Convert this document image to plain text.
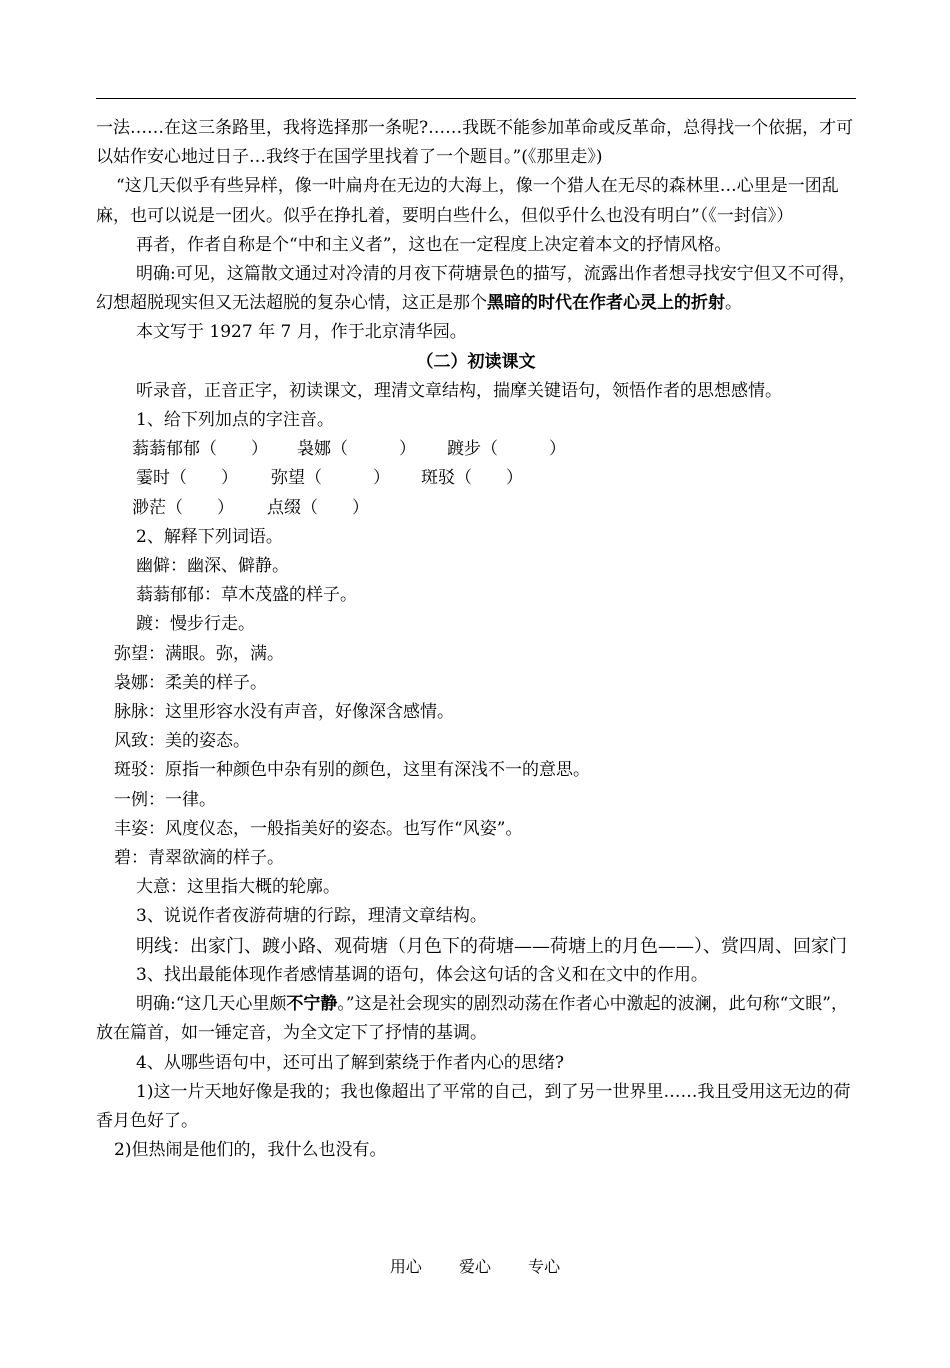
一法……在这三条路里，我将选择那一条呢?……我既不能参加革命或反革命，总得找一个依据，才可以姑作安心地过日子…我终于在国学里找着了一个题目。”(《那里走》)

“这几天似乎有些异样，像一叶扁舟在无边的大海上，像一个猎人在无尽的森林里…心里是一团乱麻，也可以说是一团火。似乎在挣扎着，要明白些什么，但似乎什么也没有明白”（《一封信》）

再者，作者自称是个“中和主义者”，这也在一定程度上决定着本文的抒情风格。

明确:可见，这篇散文通过对冷清的月夜下荷塘景色的描写，流露出作者想寻找安宁但又不可得，幻想超脱现实但又无法超脱的复杂心情，这正是那个黑暗的时代在作者心灵上的折射。

本文写于 1927 年 7 月，作于北京清华园。

（二）初读课文

听录音，正音正字，初读课文，理清文章结构，揣摩关键语句，领悟作者的思想感情。

1、给下列加点的字注音。

蓊蓊郁郁（　　）	袅娜（　　　）	踱步（　　　）
霎时（　　）	弥望（　　　）	斑驳（　　）
渺茫（　　）	点缀（　　）

2、解释下列词语。

幽僻：幽深、僻静。

蓊蓊郁郁：草木茂盛的样子。

踱：慢步行走。

弥望：满眼。弥，满。

袅娜：柔美的样子。

脉脉：这里形容水没有声音，好像深含感情。

风致：美的姿态。

斑驳：原指一种颜色中杂有别的颜色，这里有深浅不一的意思。

一例：一律。

丰姿：风度仪态，一般指美好的姿态。也写作“风姿”。

碧：青翠欲滴的样子。

大意：这里指大概的轮廓。

3、说说作者夜游荷塘的行踪，理清文章结构。

明线：出家门、踱小路、观荷塘（月色下的荷塘——荷塘上的月色——）、赏四周、回家门

3、找出最能体现作者感情基调的语句，体会这句话的含义和在文中的作用。

明确:“这几天心里颇不宁静。”这是社会现实的剧烈动荡在作者心中激起的波澜，此句称“文眼”，放在篇首，如一锤定音，为全文定下了抒情的基调。

4、从哪些语句中，还可出了解到萦绕于作者内心的思绪?

1)这一片天地好像是我的；我也像超出了平常的自己，到了另一世界里……我且受用这无边的荷香月色好了。

2)但热闹是他们的，我什么也没有。

用心 爱心 专心
